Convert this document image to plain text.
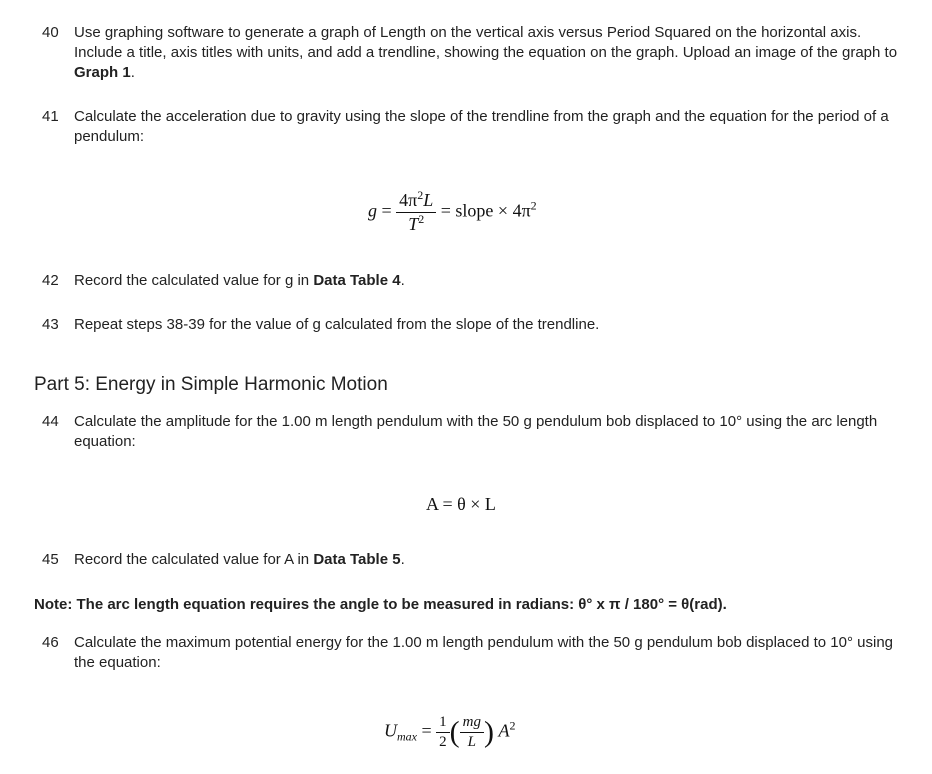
40 Use graphing software to generate a graph of Length on the vertical axis versus Period Squared on the horizontal axis. Include a title, axis titles with units, and add a trendline, showing the equation on the graph. Upload an image of the graph to Graph 1.
41 Calculate the acceleration due to gravity using the slope of the trendline from the graph and the equation for the period of a pendulum:
$g = \frac{4\pi^2L}{T^2}$ = slope × $4\pi^2$
42 Record the calculated value for g in Data Table 4.
43 Repeat steps 38-39 for the value of g calculated from the slope of the trendline.
Part 5: Energy in Simple Harmonic Motion
44 Calculate the amplitude for the 1.00 m length pendulum with the 50 g pendulum bob displaced to 10° using the arc length equation:
A = θ × L
45 Record the calculated value for A in Data Table 5.
Note: The arc length equation requires the angle to be measured in radians: θ° x π / 180° = θ(rad).
46 Calculate the maximum potential energy for the 1.00 m length pendulum with the 50 g pendulum bob displaced to 10° using the equation:
$U_{max} = \frac{1}{2}$ ( $\frac{mg}{L}$ ) $A^2$
